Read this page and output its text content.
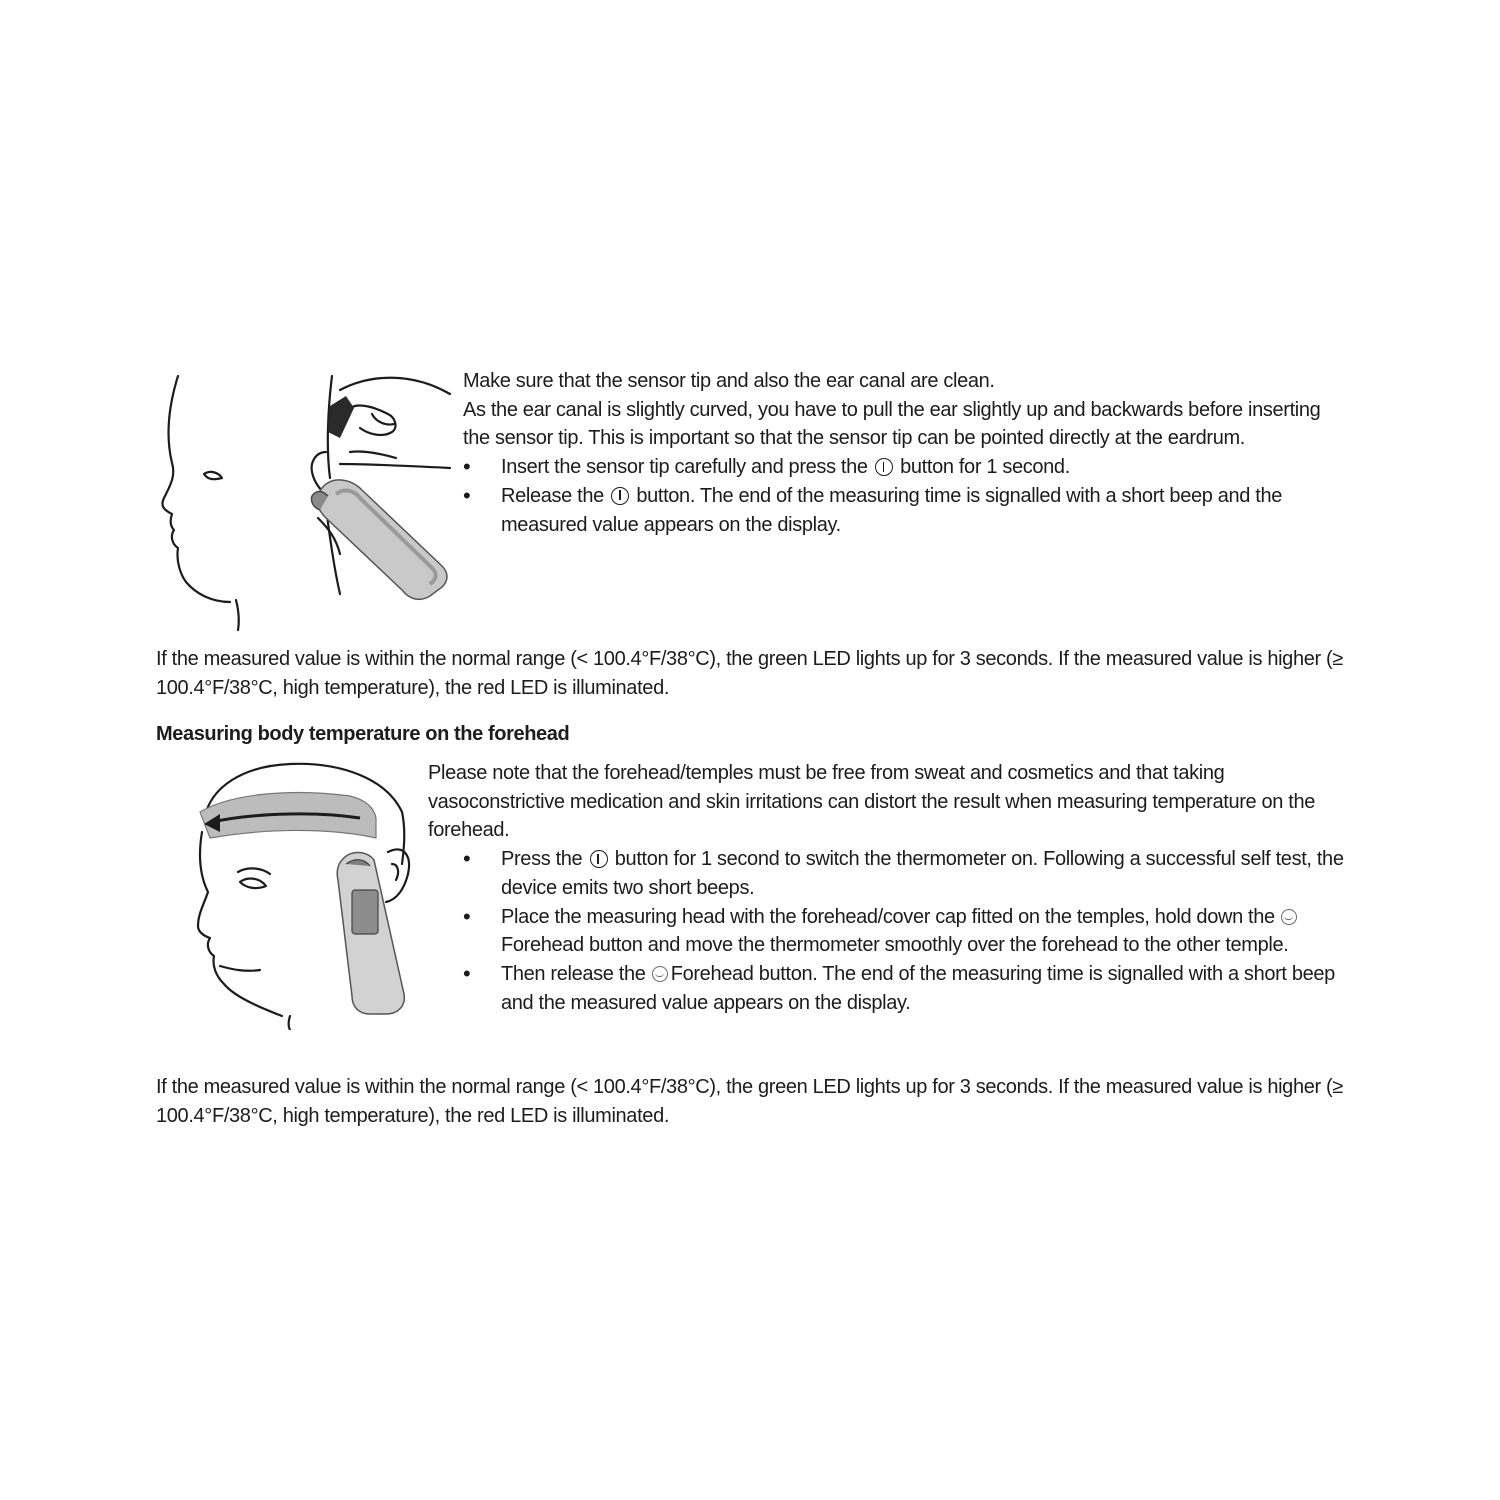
Make sure that the sensor tip and also the ear canal are clean.

As the ear canal is slightly curved, you have to pull the ear slightly up and backwards before inserting the sensor tip. This is important so that the sensor tip can be pointed directly at the eardrum.

• Insert the sensor tip carefully and press the button for 1 second.
• Release the button. The end of the measuring time is signalled with a short beep and the measured value appears on the display.

If the measured value is within the normal range (< 100.4°F/38°C), the green LED lights up for 3 seconds. If the measured value is higher (≥ 100.4°F/38°C, high temperature), the red LED is illuminated.

Measuring body temperature on the forehead

Please note that the forehead/temples must be free from sweat and cosmetics and that taking vasoconstrictive medication and skin irritations can distort the result when measuring temperature on the forehead.

• Press the button for 1 second to switch the thermometer on. Following a successful self test, the device emits two short beeps.
• Place the measuring head with the forehead/cover cap fitted on the temples, hold down the Forehead button and move the thermometer smoothly over the forehead to the other temple.
• Then release the Forehead button. The end of the measuring time is signalled with a short beep and the measured value appears on the display.

If the measured value is within the normal range (< 100.4°F/38°C), the green LED lights up for 3 seconds. If the measured value is higher (≥ 100.4°F/38°C, high temperature), the red LED is illuminated.
